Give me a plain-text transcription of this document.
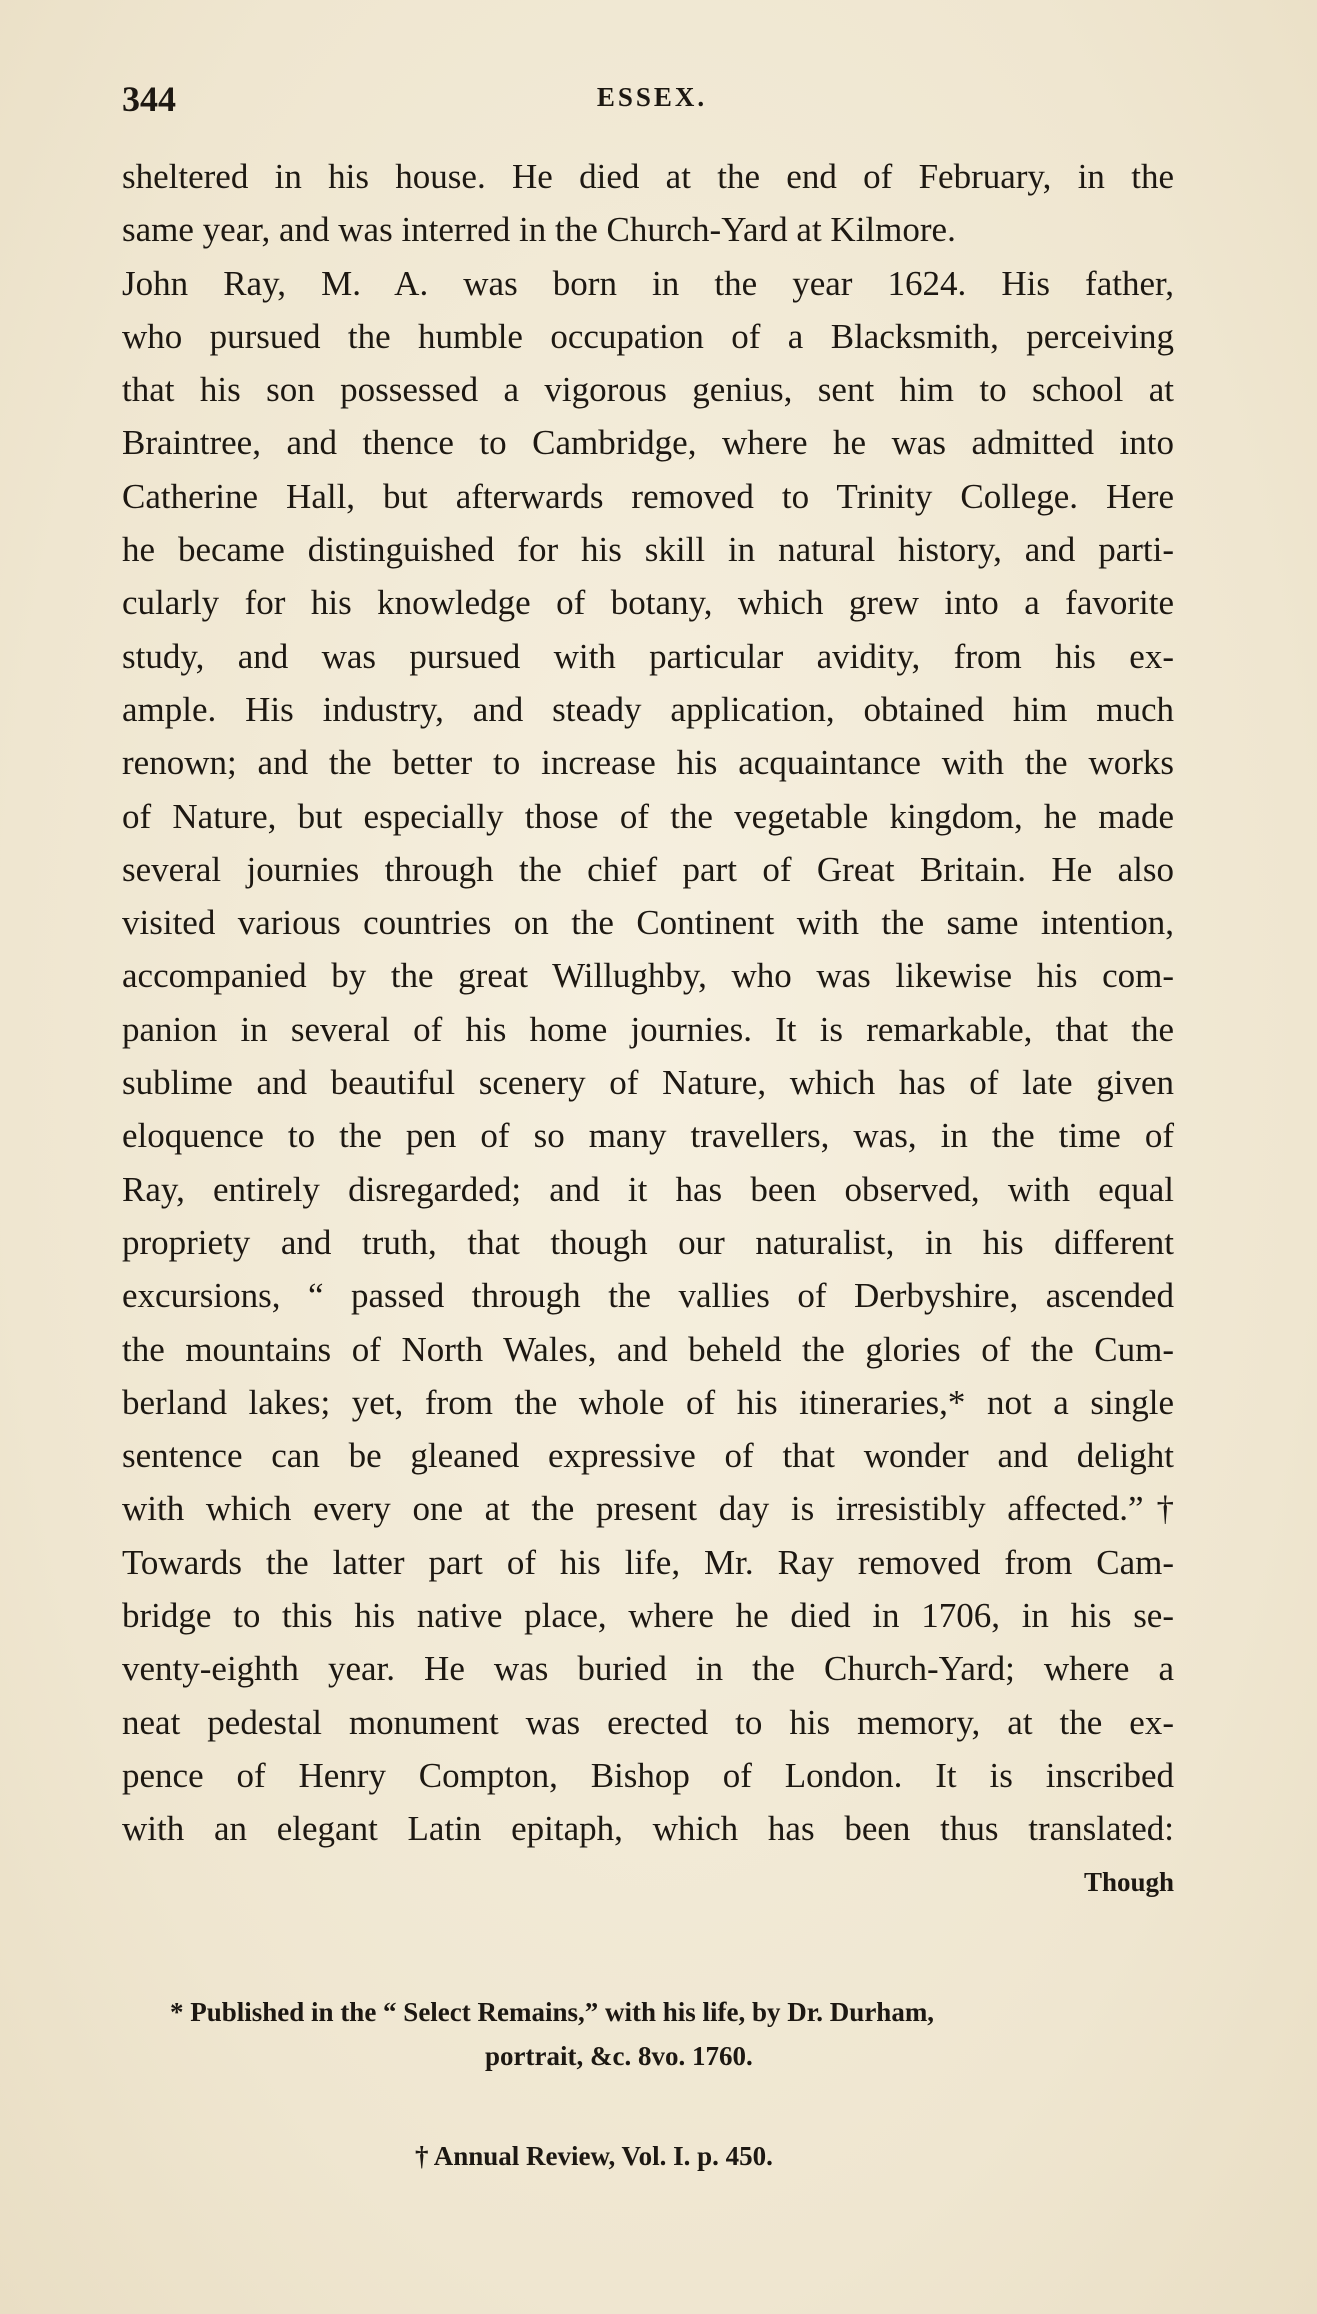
344	ESSEX.
sheltered in his house. He died at the end of February, in the
same year, and was interred in the Church-Yard at Kilmore.
John Ray, M. A. was born in the year 1624. His father,
who pursued the humble occupation of a Blacksmith, perceiving
that his son possessed a vigorous genius, sent him to school at
Braintree, and thence to Cambridge, where he was admitted into
Catherine Hall, but afterwards removed to Trinity College. Here
he became distinguished for his skill in natural history, and parti-
cularly for his knowledge of botany, which grew into a favorite
study, and was pursued with particular avidity, from his ex-
ample. His industry, and steady application, obtained him much
renown; and the better to increase his acquaintance with the works
of Nature, but especially those of the vegetable kingdom, he made
several journies through the chief part of Great Britain. He also
visited various countries on the Continent with the same intention,
accompanied by the great Willughby, who was likewise his com-
panion in several of his home journies. It is remarkable, that the
sublime and beautiful scenery of Nature, which has of late given
eloquence to the pen of so many travellers, was, in the time of
Ray, entirely disregarded; and it has been observed, with equal
propriety and truth, that though our naturalist, in his different
excursions, “ passed through the vallies of Derbyshire, ascended
the mountains of North Wales, and beheld the glories of the Cum-
berland lakes; yet, from the whole of his itineraries,* not a single
sentence can be gleaned expressive of that wonder and delight
with which every one at the present day is irresistibly affected.”†
Towards the latter part of his life, Mr. Ray removed from Cam-
bridge to this his native place, where he died in 1706, in his se-
venty-eighth year. He was buried in the Church-Yard; where a
neat pedestal monument was erected to his memory, at the ex-
pence of Henry Compton, Bishop of London. It is inscribed
with an elegant Latin epitaph, which has been thus translated:
Though
* Published in the “ Select Remains,” with his life, by Dr. Durham,
portrait, &c. 8vo. 1760.
† Annual Review, Vol. I. p. 450.
